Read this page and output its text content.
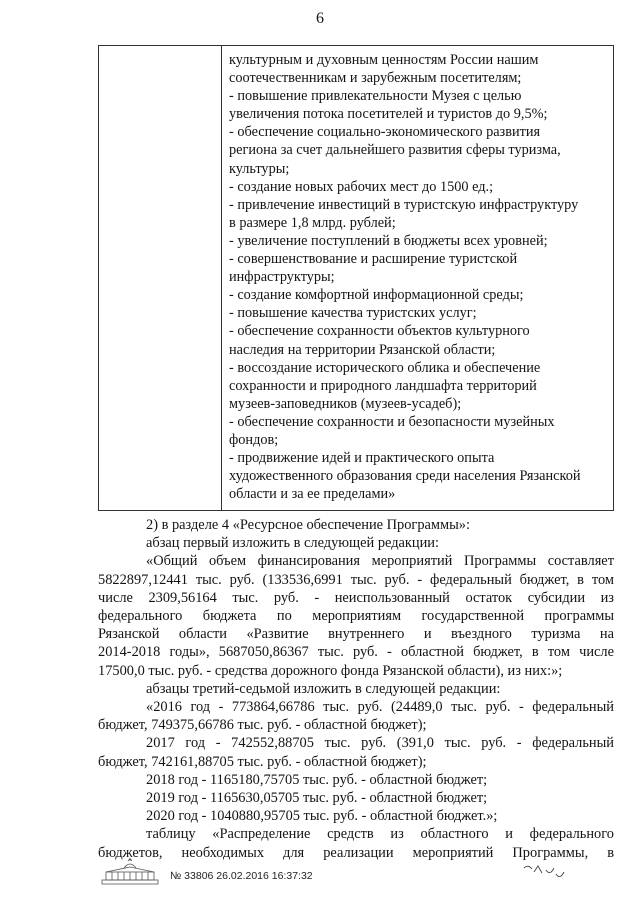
6
культурным и духовным ценностям России нашим
соотечественникам и зарубежным посетителям;
- повышение привлекательности Музея с целью
увеличения потока посетителей и туристов до 9,5%;
- обеспечение социально-экономического развития
региона за счет дальнейшего развития сферы туризма,
культуры;
- создание новых рабочих мест до 1500 ед.;
- привлечение инвестиций в туристскую инфраструктуру
в размере 1,8 млрд. рублей;
- увеличение поступлений в бюджеты всех уровней;
- совершенствование и расширение туристской
инфраструктуры;
- создание комфортной информационной среды;
- повышение качества туристских услуг;
- обеспечение сохранности объектов культурного
наследия на территории Рязанской области;
- воссоздание исторического облика и обеспечение
сохранности и природного ландшафта территорий
музеев-заповедников (музеев-усадеб);
- обеспечение сохранности и безопасности музейных
фондов;
- продвижение идей и практического опыта
художественного образования среди населения Рязанской
области и за ее пределами»
2) в разделе 4 «Ресурсное обеспечение Программы»:
абзац первый изложить в следующей редакции:
«Общий объем финансирования мероприятий Программы составляет
5822897,12441 тыс. руб. (133536,6991 тыс. руб. - федеральный бюджет, в том
числе 2309,56164 тыс. руб. - неиспользованный остаток субсидии из
федерального бюджета по мероприятиям государственной программы
Рязанской области «Развитие внутреннего и въездного туризма на
2014-2018 годы», 5687050,86367 тыс. руб. - областной бюджет, в том числе
17500,0 тыс. руб. - средства дорожного фонда Рязанской области), из них:»;
абзацы третий-седьмой изложить в следующей редакции:
«2016 год - 773864,66786 тыс. руб. (24489,0 тыс. руб. - федеральный
бюджет, 749375,66786 тыс. руб. - областной бюджет);
2017 год - 742552,88705 тыс. руб. (391,0 тыс. руб. - федеральный
бюджет, 742161,88705 тыс. руб. - областной бюджет);
2018 год - 1165180,75705 тыс. руб. - областной бюджет;
2019 год - 1165630,05705 тыс. руб. - областной бюджет;
2020 год - 1040880,95705 тыс. руб. - областной бюджет.»;
таблицу «Распределение средств из областного и федерального
бюджетов, необходимых для реализации мероприятий Программы, в
№ 33806 26.02.2016 16:37:32
